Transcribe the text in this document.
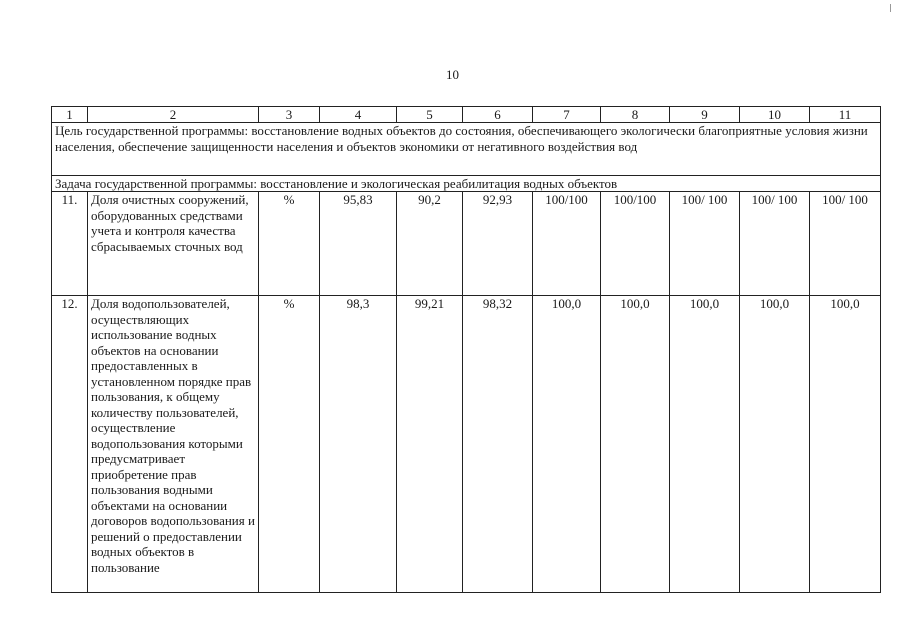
10
1	2	3	4	5	6	7	8	9	10	11
Цель государственной программы: восстановление водных объектов до состояния, обеспечивающего экологически благоприятные условия жизни населения, обеспечение защищенности населения и объектов экономики от негативного воздействия вод										
Задача государственной программы: восстановление и экологическая реабилитация водных объектов										
11.	Доля очистных сооружений, оборудованных средствами учета и контроля качества сбрасываемых сточных вод	%	95,83	90,2	92,93	100/100	100/100	100/ 100	100/ 100	100/ 100
12.	Доля водопользователей, осуществляющих использование водных объектов на основании предоставленных в установленном порядке прав пользования, к общему количеству пользователей, осуществление водопользования которыми предусматривает приобретение прав пользования водными объектами на основании договоров водопользования и решений о предоставлении водных объектов в пользование	%	98,3	99,21	98,32	100,0	100,0	100,0	100,0	100,0
